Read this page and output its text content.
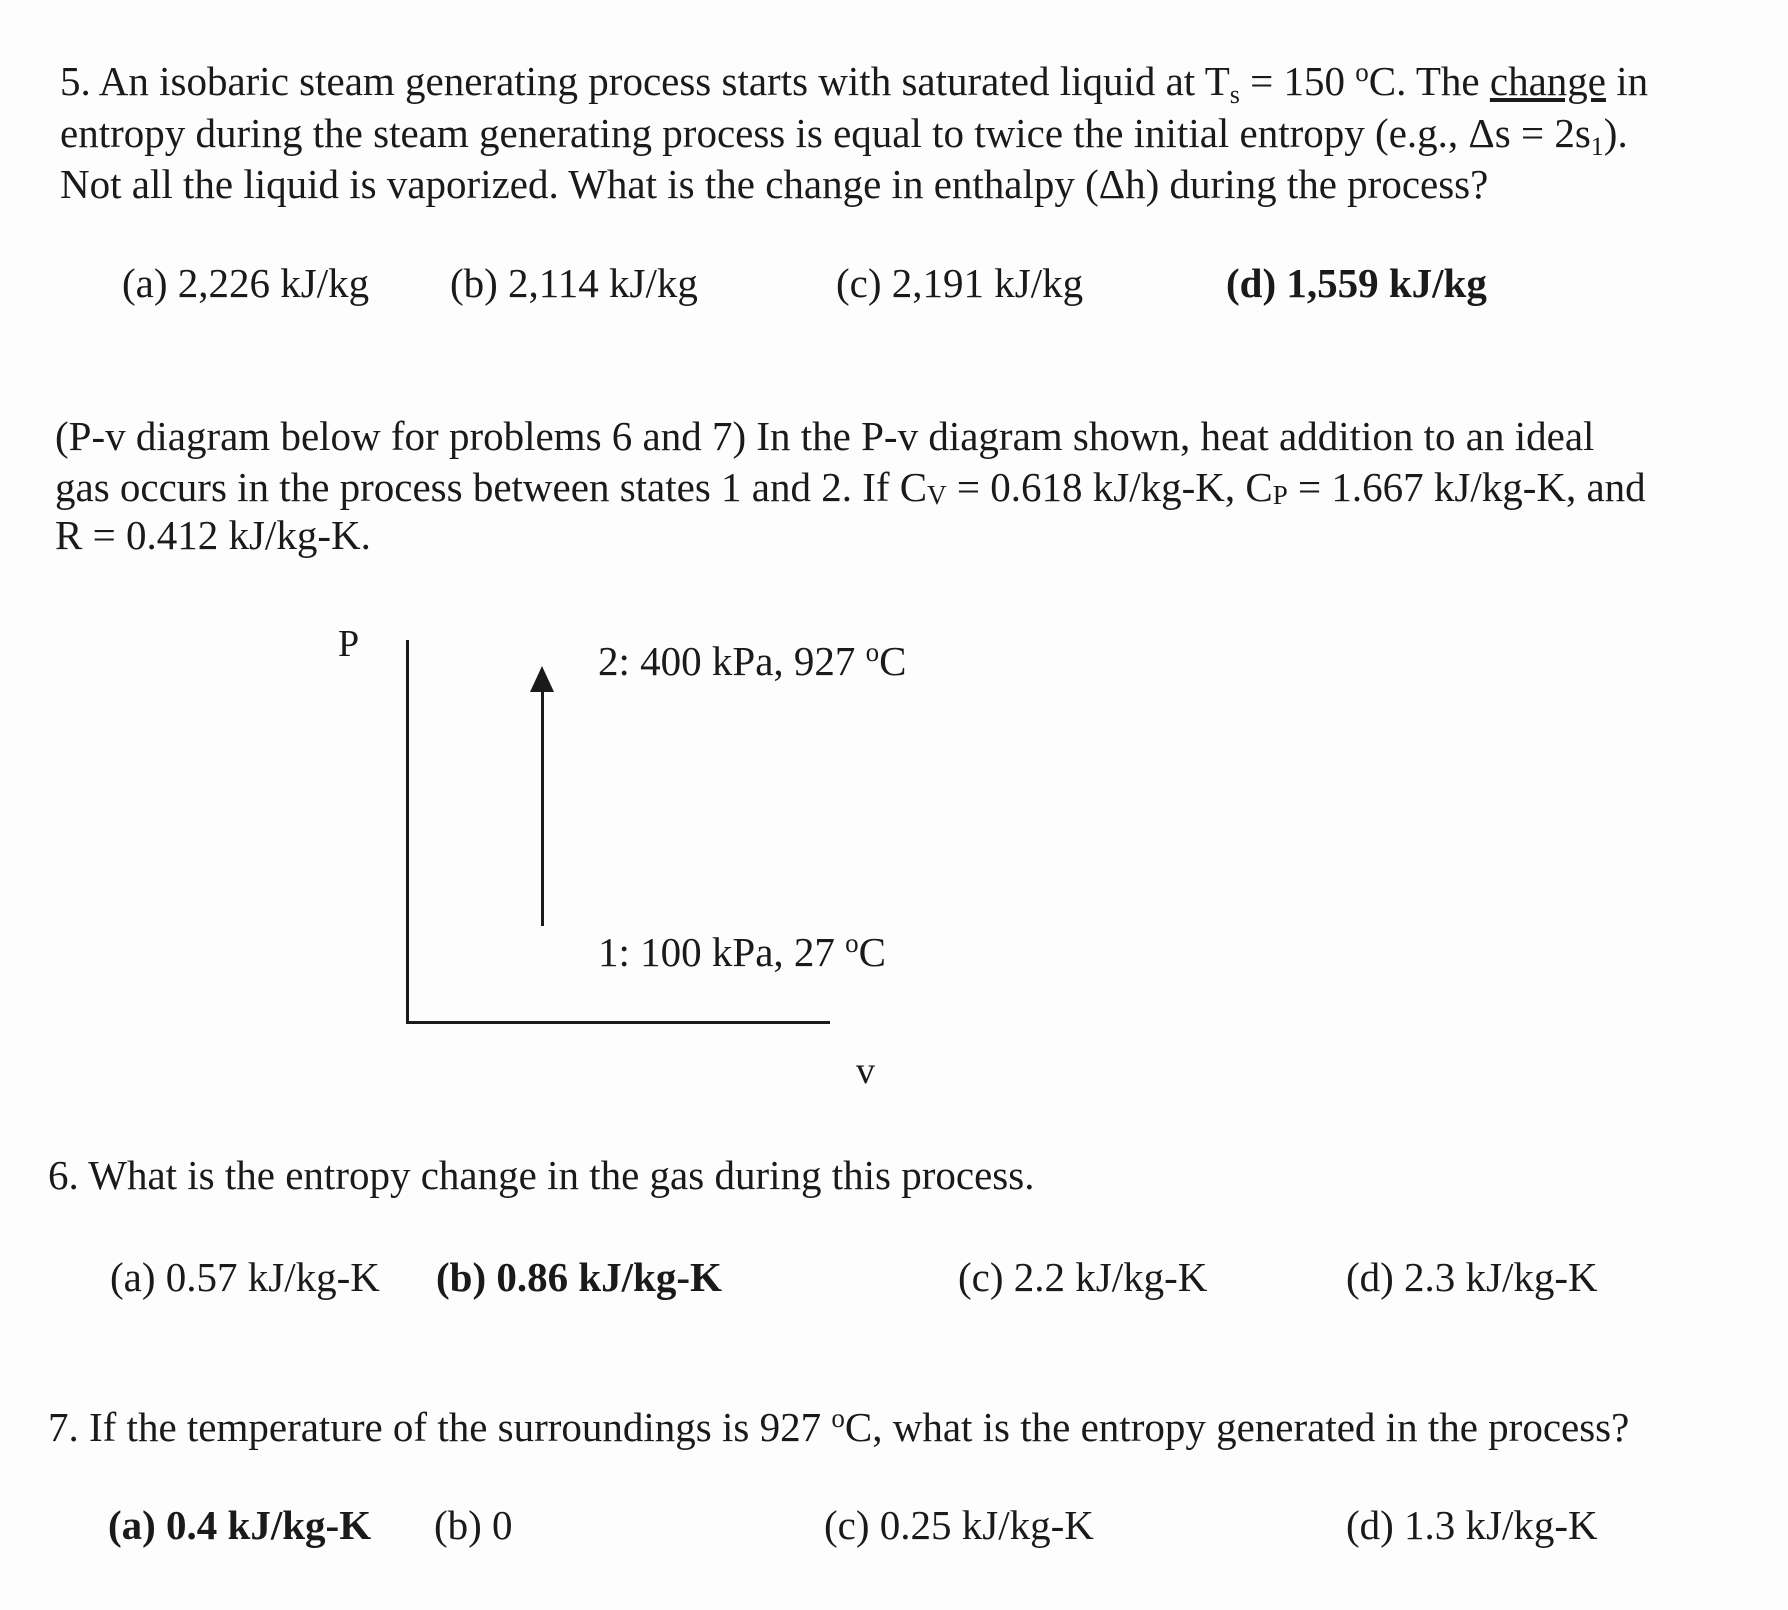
5. An isobaric steam generating process starts with saturated liquid at $T_s = 150$ $^o$C. The change in
entropy during the steam generating process is equal to twice the initial entropy (e.g., $\Delta s = 2s_1$).
Not all the liquid is vaporized. What is the change in enthalpy (Δh) during the process?
(a) 2,226 kJ/kg (b) 2,114 kJ/kg	(c) 2,191 kJ/kg	(d) 1,559 kJ/kg
(P-v diagram below for problems 6 and 7) In the P-v diagram shown, heat addition to an ideal
gas occurs in the process between states 1 and 2. If CV = 0.618 kJ/kg-K, CP = 1.667 kJ/kg-K, and
R = 0.412 kJ/kg-K.
P
v
2: 400 kPa, 927 $^o$C
1: 100 kPa, 27 $^o$C
6. What is the entropy change in the gas during this process.
(a) 0.57 kJ/kg-K (b) 0.86 kJ/kg-K	(c) 2.2 kJ/kg-K	(d) 2.3 kJ/kg-K
7. If the temperature of the surroundings is 927 $^o$C, what is the entropy generated in the process?
(a) 0.4 kJ/kg-K (b) 0	(c) 0.25 kJ/kg-K	(d) 1.3 kJ/kg-K
